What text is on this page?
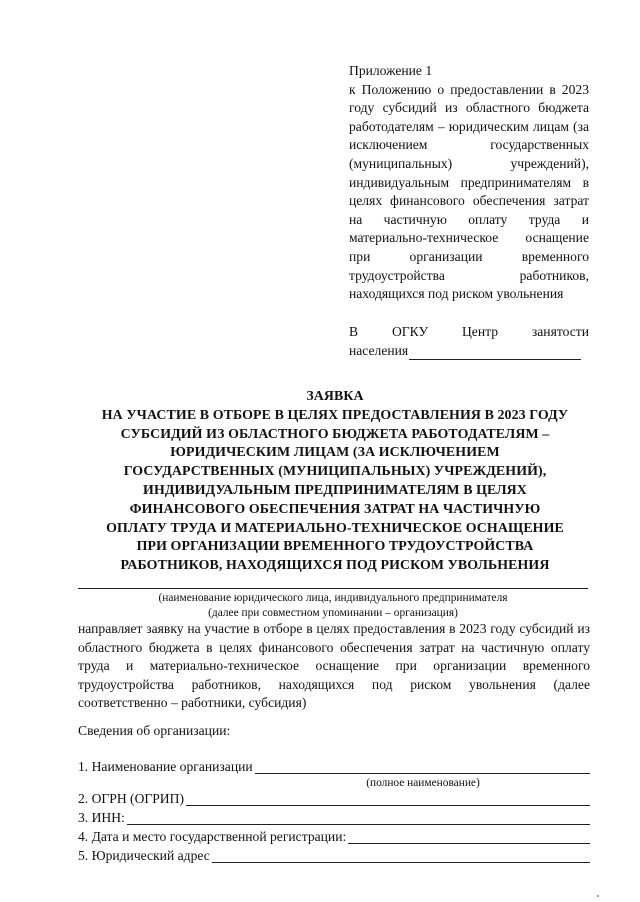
Приложение 1
к Положению о предоставлении в 2023 году субсидий из областного бюджета работодателям – юридическим лицам (за исключением государственных (муниципальных) учреждений), индивидуальным предпринимателям в целях финансового обеспечения затрат на частичную оплату труда и материально-техническое оснащение при организации временного трудоустройства работников, находящихся под риском увольнения
В ОГКУ Центр занятости
населения
ЗАЯВКА
НА УЧАСТИЕ В ОТБОРЕ В ЦЕЛЯХ ПРЕДОСТАВЛЕНИЯ В 2023 ГОДУ
СУБСИДИЙ ИЗ ОБЛАСТНОГО БЮДЖЕТА РАБОТОДАТЕЛЯМ –
ЮРИДИЧЕСКИМ ЛИЦАМ (ЗА ИСКЛЮЧЕНИЕМ
ГОСУДАРСТВЕННЫХ (МУНИЦИПАЛЬНЫХ) УЧРЕЖДЕНИЙ),
ИНДИВИДУАЛЬНЫМ ПРЕДПРИНИМАТЕЛЯМ В ЦЕЛЯХ
ФИНАНСОВОГО ОБЕСПЕЧЕНИЯ ЗАТРАТ НА ЧАСТИЧНУЮ
ОПЛАТУ ТРУДА И МАТЕРИАЛЬНО-ТЕХНИЧЕСКОЕ ОСНАЩЕНИЕ
ПРИ ОРГАНИЗАЦИИ ВРЕМЕННОГО ТРУДОУСТРОЙСТВА
РАБОТНИКОВ, НАХОДЯЩИХСЯ ПОД РИСКОМ УВОЛЬНЕНИЯ
(наименование юридического лица, индивидуального предпринимателя
(далее при совместном упоминании – организация)
направляет заявку на участие в отборе в целях предоставления в 2023 году субсидий из областного бюджета в целях финансового обеспечения затрат на частичную оплату труда и материально-техническое оснащение при организации временного трудоустройства работников, находящихся под риском увольнения (далее соответственно – работники, субсидия)
Сведения об организации:
1. Наименование организации
(полное наименование)
2. ОГРН (ОГРИП)
3. ИНН:
4. Дата и место государственной регистрации:
5. Юридический адрес
